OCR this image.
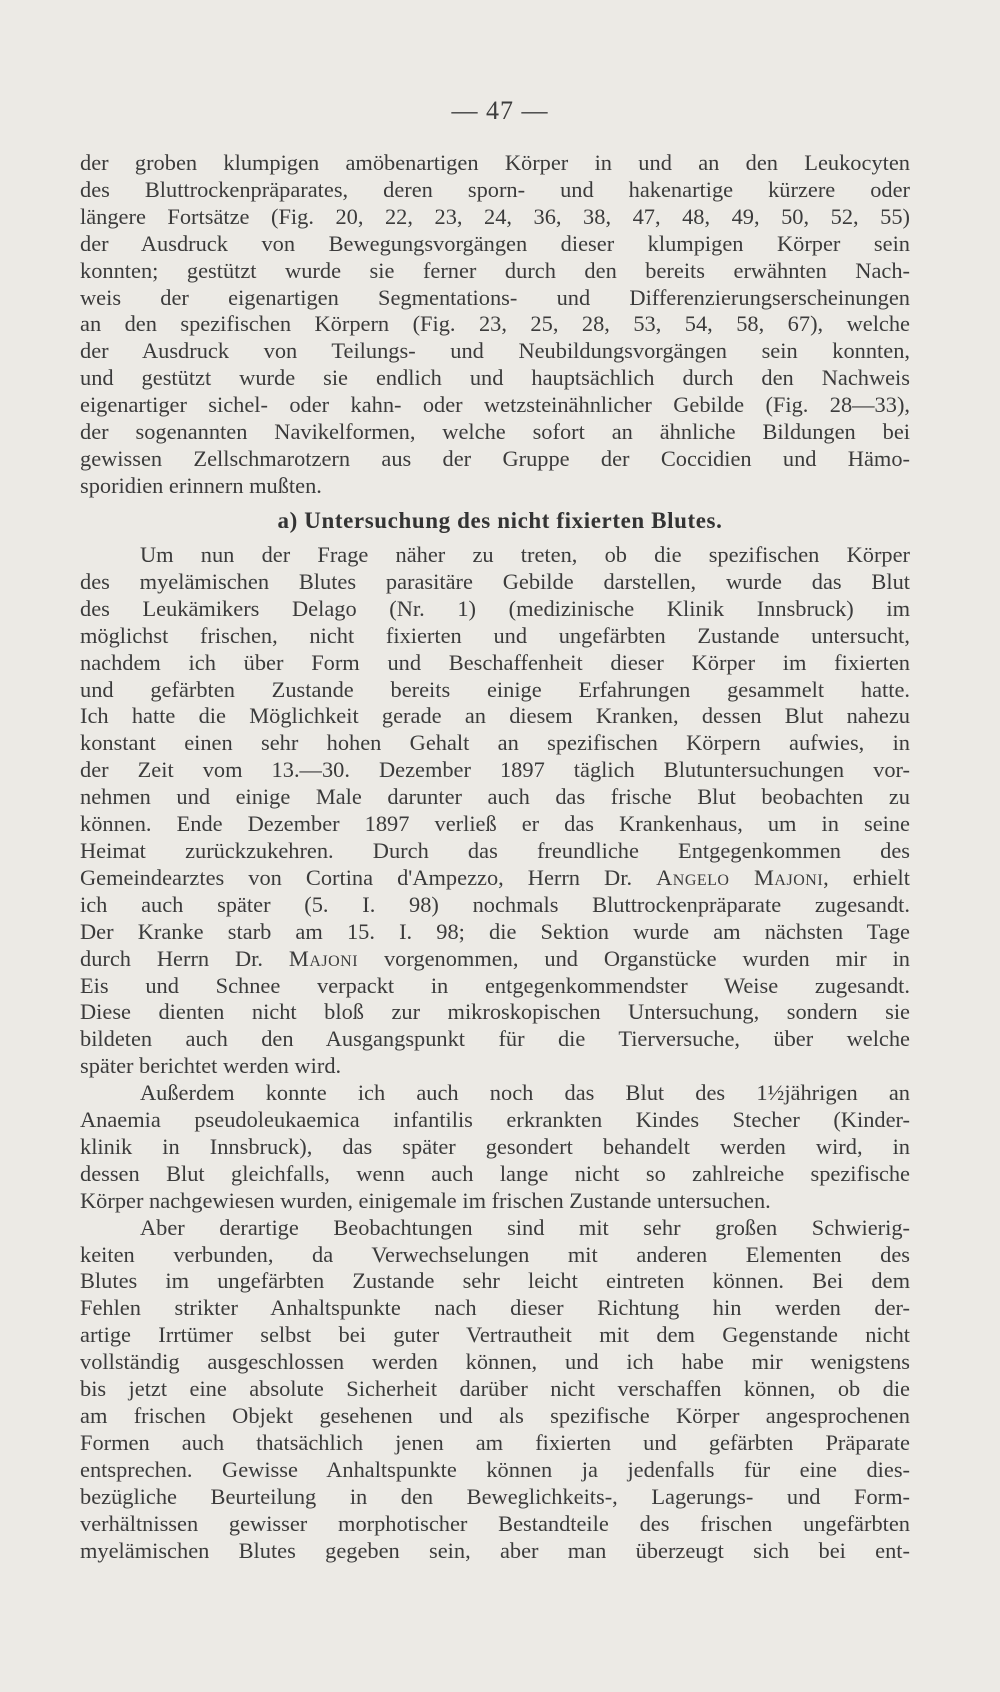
— 47 —
der groben klumpigen amöbenartigen Körper in und an den Leukocyten
des Bluttrockenpräparates, deren sporn- und hakenartige kürzere oder
längere Fortsätze (Fig. 20, 22, 23, 24, 36, 38, 47, 48, 49, 50, 52, 55)
der Ausdruck von Bewegungsvorgängen dieser klumpigen Körper sein
konnten; gestützt wurde sie ferner durch den bereits erwähnten Nach-
weis der eigenartigen Segmentations- und Differenzierungserscheinungen
an den spezifischen Körpern (Fig. 23, 25, 28, 53, 54, 58, 67), welche
der Ausdruck von Teilungs- und Neubildungsvorgängen sein konnten,
und gestützt wurde sie endlich und hauptsächlich durch den Nachweis
eigenartiger sichel- oder kahn- oder wetzsteinähnlicher Gebilde (Fig. 28—33),
der sogenannten Navikelformen, welche sofort an ähnliche Bildungen bei
gewissen Zellschmarotzern aus der Gruppe der Coccidien und Hämo-
sporidien erinnern mußten.
a) Untersuchung des nicht fixierten Blutes.
Um nun der Frage näher zu treten, ob die spezifischen Körper
des myelämischen Blutes parasitäre Gebilde darstellen, wurde das Blut
des Leukämikers Delago (Nr. 1) (medizinische Klinik Innsbruck) im
möglichst frischen, nicht fixierten und ungefärbten Zustande untersucht,
nachdem ich über Form und Beschaffenheit dieser Körper im fixierten
und gefärbten Zustande bereits einige Erfahrungen gesammelt hatte.
Ich hatte die Möglichkeit gerade an diesem Kranken, dessen Blut nahezu
konstant einen sehr hohen Gehalt an spezifischen Körpern aufwies, in
der Zeit vom 13.—30. Dezember 1897 täglich Blutuntersuchungen vor-
nehmen und einige Male darunter auch das frische Blut beobachten zu
können. Ende Dezember 1897 verließ er das Krankenhaus, um in seine
Heimat zurückzukehren. Durch das freundliche Entgegenkommen des
Gemeindearztes von Cortina d'Ampezzo, Herrn Dr. Angelo Majoni, erhielt
ich auch später (5. I. 98) nochmals Bluttrockenpräparate zugesandt.
Der Kranke starb am 15. I. 98; die Sektion wurde am nächsten Tage
durch Herrn Dr. Majoni vorgenommen, und Organstücke wurden mir in
Eis und Schnee verpackt in entgegenkommendster Weise zugesandt.
Diese dienten nicht bloß zur mikroskopischen Untersuchung, sondern sie
bildeten auch den Ausgangspunkt für die Tierversuche, über welche
später berichtet werden wird.
Außerdem konnte ich auch noch das Blut des 1½jährigen an
Anaemia pseudoleukaemica infantilis erkrankten Kindes Stecher (Kinder-
klinik in Innsbruck), das später gesondert behandelt werden wird, in
dessen Blut gleichfalls, wenn auch lange nicht so zahlreiche spezifische
Körper nachgewiesen wurden, einigemale im frischen Zustande untersuchen.
Aber derartige Beobachtungen sind mit sehr großen Schwierig-
keiten verbunden, da Verwechselungen mit anderen Elementen des
Blutes im ungefärbten Zustande sehr leicht eintreten können. Bei dem
Fehlen strikter Anhaltspunkte nach dieser Richtung hin werden der-
artige Irrtümer selbst bei guter Vertrautheit mit dem Gegenstande nicht
vollständig ausgeschlossen werden können, und ich habe mir wenigstens
bis jetzt eine absolute Sicherheit darüber nicht verschaffen können, ob die
am frischen Objekt gesehenen und als spezifische Körper angesprochenen
Formen auch thatsächlich jenen am fixierten und gefärbten Präparate
entsprechen. Gewisse Anhaltspunkte können ja jedenfalls für eine dies-
bezügliche Beurteilung in den Beweglichkeits-, Lagerungs- und Form-
verhältnissen gewisser morphotischer Bestandteile des frischen ungefärbten
myelämischen Blutes gegeben sein, aber man überzeugt sich bei ent-
